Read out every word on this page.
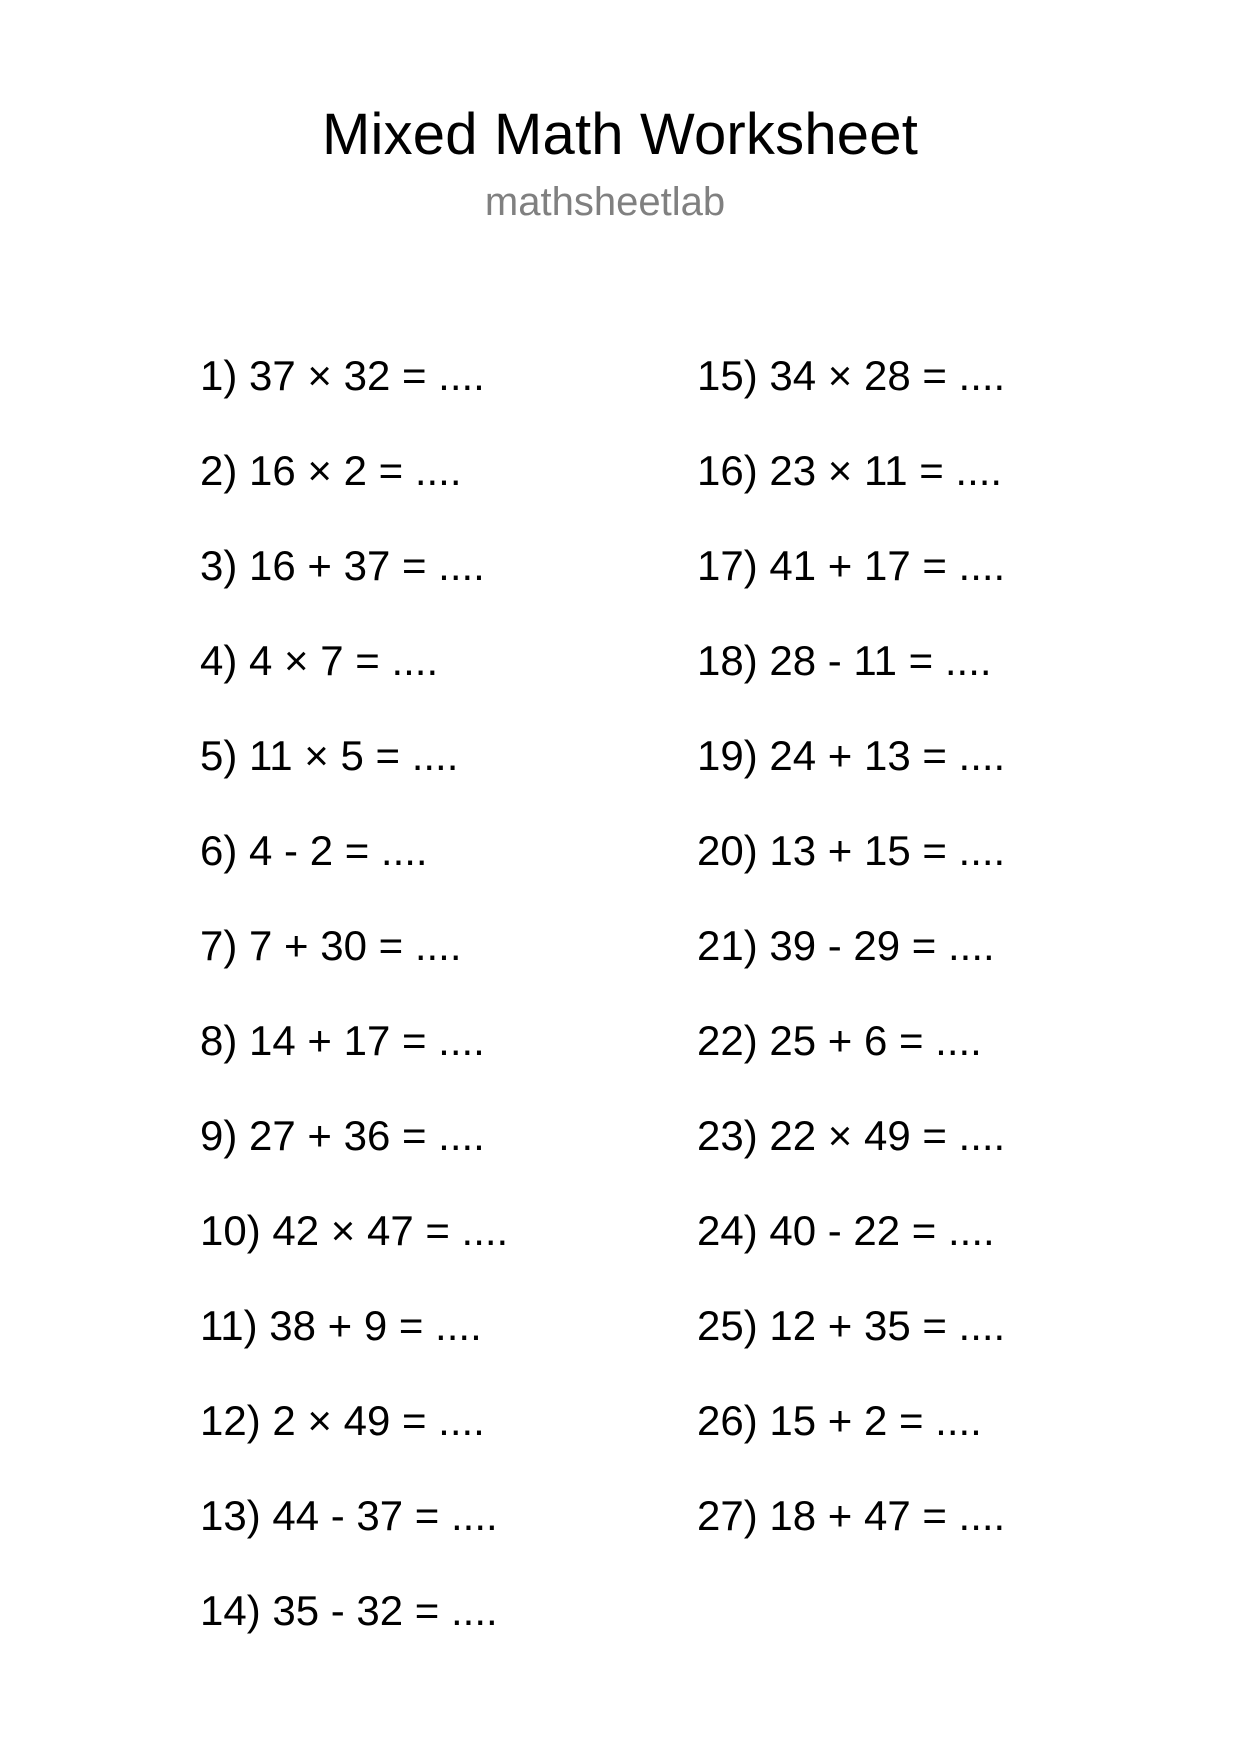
Mixed Math Worksheet
mathsheetlab
1) 37 × 32 = ....
2) 16 × 2 = ....
3) 16 + 37 = ....
4) 4 × 7 = ....
5) 11 × 5 = ....
6) 4 - 2 = ....
7) 7 + 30 = ....
8) 14 + 17 = ....
9) 27 + 36 = ....
10) 42 × 47 = ....
11) 38 + 9 = ....
12) 2 × 49 = ....
13) 44 - 37 = ....
14) 35 - 32 = ....
15) 34 × 28 = ....
16) 23 × 11 = ....
17) 41 + 17 = ....
18) 28 - 11 = ....
19) 24 + 13 = ....
20) 13 + 15 = ....
21) 39 - 29 = ....
22) 25 + 6 = ....
23) 22 × 49 = ....
24) 40 - 22 = ....
25) 12 + 35 = ....
26) 15 + 2 = ....
27) 18 + 47 = ....
